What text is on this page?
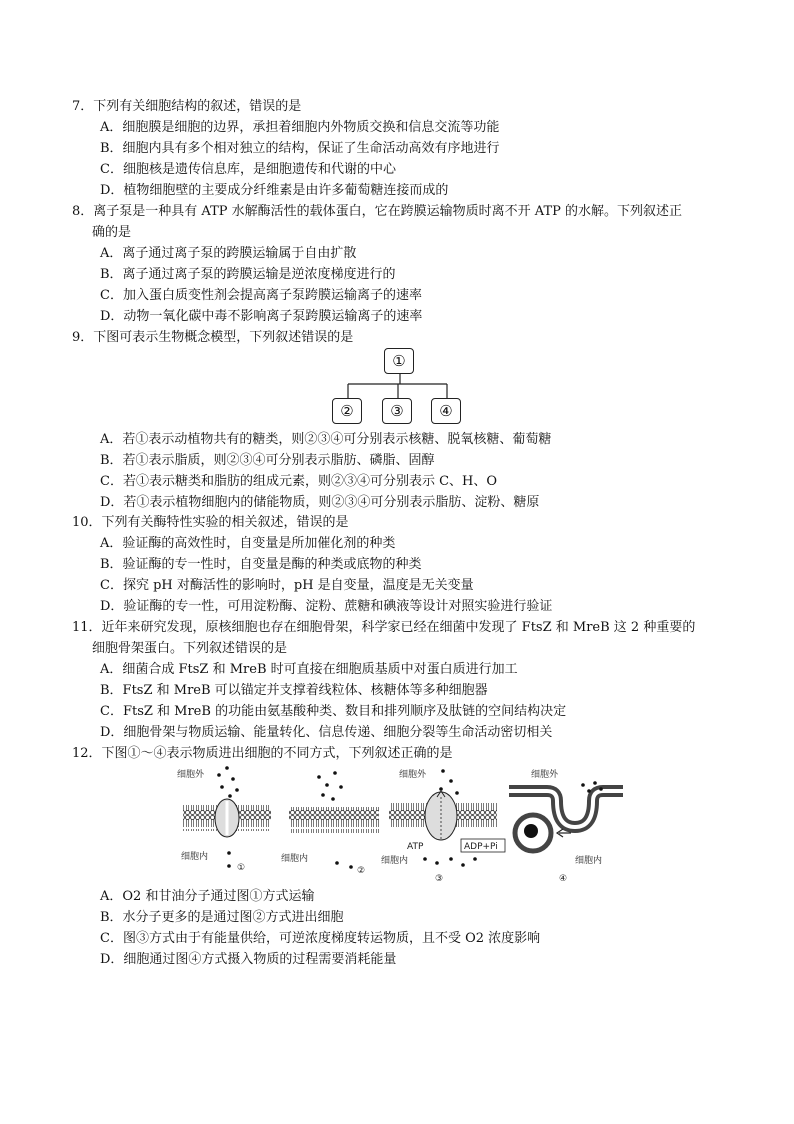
7．下列有关细胞结构的叙述，错误的是

A．细胞膜是细胞的边界，承担着细胞内外物质交换和信息交流等功能

B．细胞内具有多个相对独立的结构，保证了生命活动高效有序地进行

C．细胞核是遗传信息库，是细胞遗传和代谢的中心

D．植物细胞壁的主要成分纤维素是由许多葡萄糖连接而成的

8．离子泵是一种具有 ATP 水解酶活性的载体蛋白，它在跨膜运输物质时离不开 ATP 的水解。下列叙述正

确的是

A．离子通过离子泵的跨膜运输属于自由扩散

B．离子通过离子泵的跨膜运输是逆浓度梯度进行的

C．加入蛋白质变性剂会提高离子泵跨膜运输离子的速率

D．动物一氧化碳中毒不影响离子泵跨膜运输离子的速率

9．下图可表示生物概念模型，下列叙述错误的是

①
②	③	④

A．若①表示动植物共有的糖类，则②③④可分别表示核糖、脱氧核糖、葡萄糖

B．若①表示脂质，则②③④可分别表示脂肪、磷脂、固醇

C．若①表示糖类和脂肪的组成元素，则②③④可分别表示 C、H、O

D．若①表示植物细胞内的储能物质，则②③④可分别表示脂肪、淀粉、糖原

10．下列有关酶特性实验的相关叙述，错误的是

A．验证酶的高效性时，自变量是所加催化剂的种类

B．验证酶的专一性时，自变量是酶的种类或底物的种类

C．探究 pH 对酶活性的影响时，pH 是自变量，温度是无关变量

D．验证酶的专一性，可用淀粉酶、淀粉、蔗糖和碘液等设计对照实验进行验证

11．近年来研究发现，原核细胞也存在细胞骨架，科学家已经在细菌中发现了 FtsZ 和 MreB 这 2 种重要的

细胞骨架蛋白。下列叙述错误的是

A．细菌合成 FtsZ 和 MreB 时可直接在细胞质基质中对蛋白质进行加工

B．FtsZ 和 MreB 可以锚定并支撑着线粒体、核糖体等多种细胞器

C．FtsZ 和 MreB 的功能由氨基酸种类、数目和排列顺序及肽链的空间结构决定

D．细胞骨架与物质运输、能量转化、信息传递、细胞分裂等生命活动密切相关

12．下图①～④表示物质进出细胞的不同方式，下列叙述正确的是

细胞外
细胞内
①
细胞内
②
细胞外
ATP	ADP+Pi
细胞内
③
细胞外
细胞内
④

A．O2 和甘油分子通过图①方式运输

B．水分子更多的是通过图②方式进出细胞

C．图③方式由于有能量供给，可逆浓度梯度转运物质，且不受 O2 浓度影响

D．细胞通过图④方式摄入物质的过程需要消耗能量
